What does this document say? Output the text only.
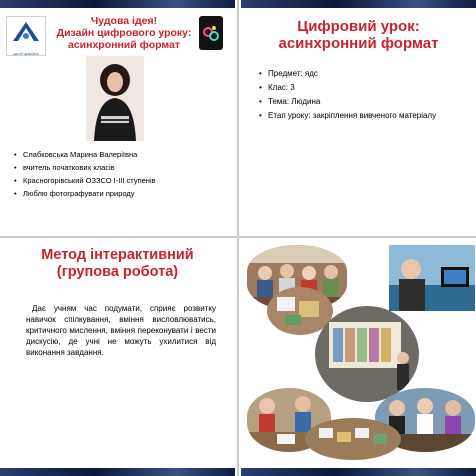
ЦЕНТР ДИЗАЙНА
Чудова ідея!
Дизайн цифрового уроку:
асинхронний формат
• Слабковська Марина Валеріївна
• вчитель початкових класів
• Красногорівський ОЗЗСО І-ІІІ ступенів
• Люблю фотографувати природу
Цифровий урок:
асинхронний формат
• Предмет: ядс
• Клас: 3
• Тема: Людина
• Етап уроку: закріплення вивченого матеріалу
Метод інтерактивний
(групова робота)
Дає учням час подумати, сприяє розвитку навичок спілкування, вміння висловлюватись, критичного мислення, вміння переконувати і вести дискусію, де учні не можуть ухилитися від виконання завдання.
